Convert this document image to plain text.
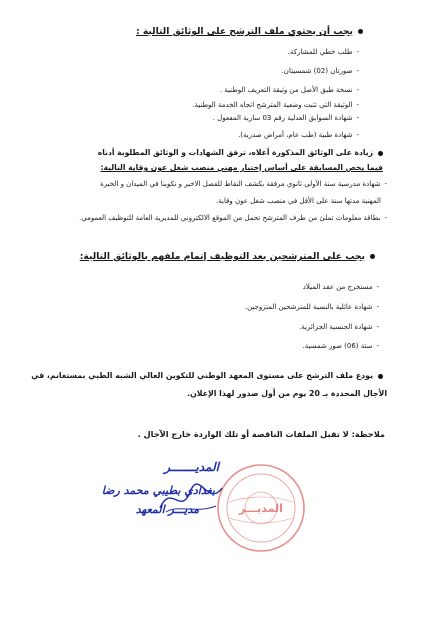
يجب أن يحتوي ملف الترشح على الوثائق التالية :
-طلب خطي للمشاركة.
-صورتان (02) شمسيتان.
-نسخة طبق الأصل من وثيقة التعريف الوطنية .
-الوثيقة التي تثبت وضعية المترشح اتجاه الخدمة الوطنية.
-شهادة السوابق العدلية رقم 03 سارية المفعول .
-شهادة طبية (طب عام، أمراض صدرية).
زيادة على الوثائق المذكورة أعلاه، ترفق الشهادات و الوثائق المطلوبة أدناه
فيما يخص المسابقة على أساس إختبار مهني منصب شغل عون وقاية التالية:
-شهادة مدرسية سنة الأولى ثانوي مرفقة بكشف النقاط للفصل الاخير و تكوينا في الميدان و الخبرة
المهنية مدتها سنة على الأقل في منصب شغل عون وقاية.
-بطاقة معلومات تملئ من طرف المترشح تحمل من الموقع الالكتروني للمديرية العامة للتوظيف العمومي.
يجب على المترشحين بعد التوظيف إتمام ملفهم بالوثائق التالية:
-مستخرج من عقد الميلاد
-شهادة عائلية بالنسبة للمترشحين المتزوجين.
-شهادة الجنسية الجزائرية.
-ستة (06) صور شمسية.
يودع ملف الترشح على مستوى المعهد الوطني للتكوين العالي الشبه الطبي بمستغانم، في
الأجال المحددة بـ 20 يوم من أول صدور لهذا الإعلان.
ملاحظة: لا تقبل الملفات الناقصة أو تلك الواردة خارج الآجال .
المديـــر
المديـــــــر
بغدادي بطيبي محمد رضا
مديـــر المعهد
